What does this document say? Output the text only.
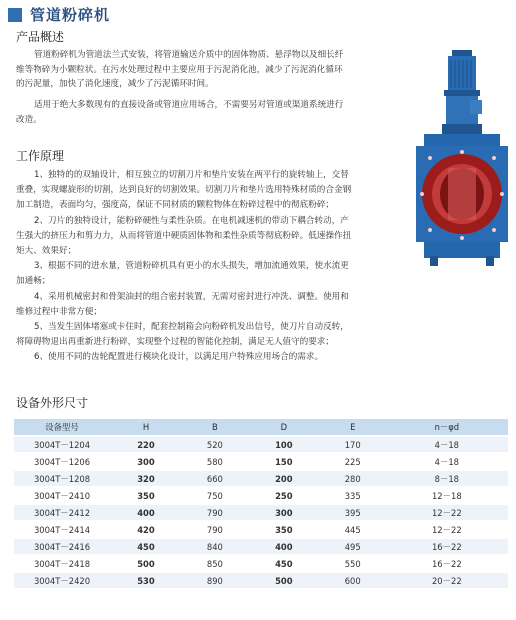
管道粉碎机
产品概述
管道粉碎机为管道法兰式安装，将管道输送介质中的固体物质、悬浮物以及细长纤
维等物碎为小颗粒状。在污水处理过程中主要应用于污泥消化池，减少了污泥消化循环
的污泥量，加快了消化速度，减少了污泥循环时间。
适用于绝大多数现有的直接设备或管道应用场合，不需要另对管道或渠道系统进行
改造。
工作原理
1、独特的的双轴设计，相互独立的切割刀片和垫片安装在两平行的旋转轴上，交替
重叠，实现螺旋形的切割，达到良好的切割效果。切割刀片和垫片选用特殊材质的合金钢
加工制造，表面均匀，强度高，保证不同材质的颗粒物体在粉碎过程中的彻底粉碎；
2、刀片的独特设计，能粉碎硬性与柔性杂质。在电机减速机的带动下耦合转动，产
生强大的挤压力和剪力力，从而将管道中硬质固体物和柔性杂质等彻底粉碎。低速操作扭
矩大、效果好；
3、根据不同的进水量，管道粉碎机具有更小的水头损失，增加流通效果，使水流更
加通畅；
4、采用机械密封和骨架油封的组合密封装置，无需对密封进行冲洗、调整。使用和
维修过程中非常方便；
5、当发生固体堵塞或卡住时，配套控制箱会向粉碎机发出信号，使刀片自动反转，
将障碍物退出再重新进行粉碎，实现整个过程的智能化控制，满足无人值守的要求；
6、使用不同的齿轮配置进行模块化设计，以满足用户特殊应用场合的需求。
设备外形尺寸
设备型号	H	B	D	E	n－φd
3004T－1204	220	520	100	170	4－18
3004T－1206	300	580	150	225	4－18
3004T－1208	320	660	200	280	8－18
3004T－2410	350	750	250	335	12－18
3004T－2412	400	790	300	395	12－22
3004T－2414	420	790	350	445	12－22
3004T－2416	450	840	400	495	16－22
3004T－2418	500	850	450	550	16－22
3004T－2420	530	890	500	600	20－22
